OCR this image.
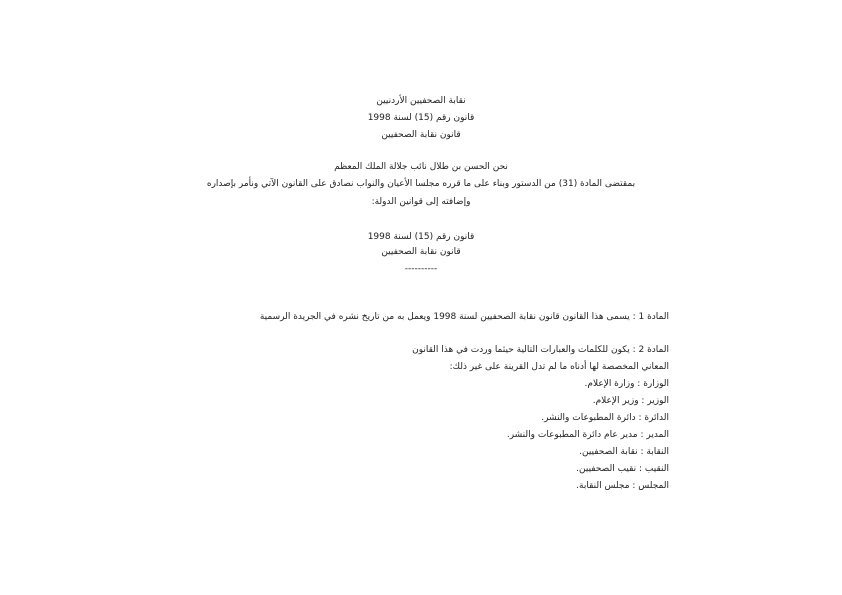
نقابة الصحفيين الأردنيين
قانون رقم (15) لسنة 1998
قانون نقابة الصحفيين
نحن الحسن بن طلال نائب جلالة الملك المعظم
بمقتضى المادة (31) من الدستور وبناء على ما قرره مجلسا الأعيان والنواب نصادق على القانون الآتي ونأمر بإصداره
وإضافته إلى قوانين الدولة:
قانون رقم (15) لسنة 1998
قانون نقابة الصحفيين
----------
المادة 1 : يسمى هذا القانون قانون نقابة الصحفيين لسنة 1998 ويعمل به من تاريخ نشره في الجريدة الرسمية
المادة 2 : يكون للكلمات والعبارات التالية حيثما وردت في هذا القانون
المعاني المخصصة لها أدناه ما لم تدل القرينة على غير ذلك:
الوزارة : وزارة الإعلام.
الوزير : وزير الإعلام.
الدائرة : دائرة المطبوعات والنشر.
المدير : مدير عام دائرة المطبوعات والنشر.
النقابة : نقابة الصحفيين.
النقيب : نقيب الصحفيين.
المجلس : مجلس النقابة.
